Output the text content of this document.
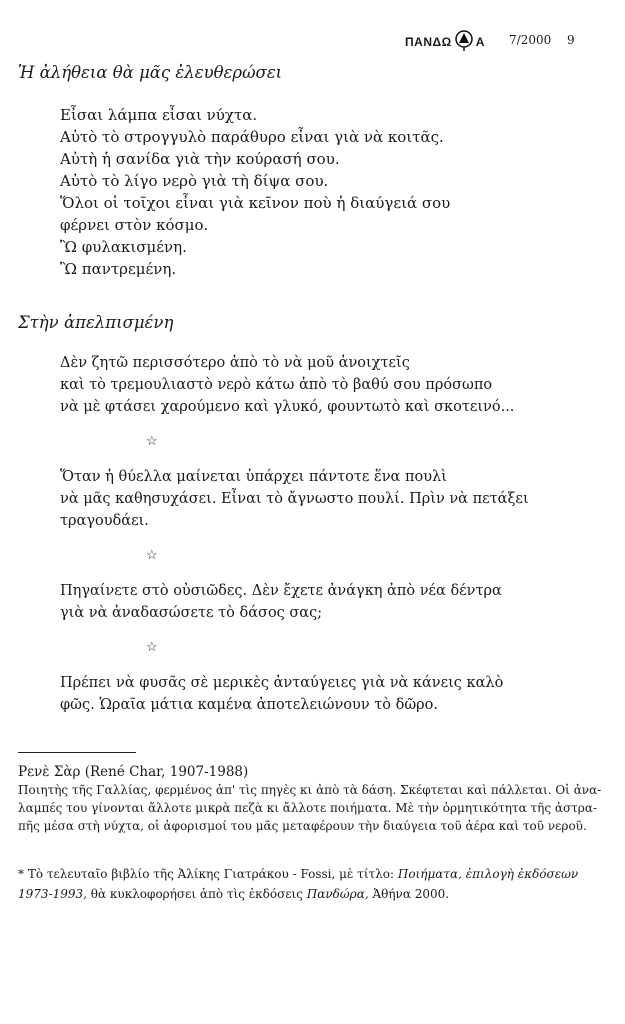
ΠΑΝΔΩ Α 7/2000 9
Ἡ ἀλήθεια θὰ μᾶς ἐλευθερώσει
Εἶσαι λάμπα εἶσαι νύχτα.
Αὐτὸ τὸ στρογγυλὸ παράθυρο εἶναι γιὰ νὰ κοιτᾶς.
Αὐτὴ ἡ σανίδα γιὰ τὴν κούρασή σου.
Αὐτὸ τὸ λίγο νερὸ γιὰ τὴ δίψα σου.
Ὅλοι οἱ τοῖχοι εἶναι γιὰ κεῖνον ποὺ ἡ διαύγειά σου
φέρνει στὸν κόσμο.
Ὢ φυλακισμένη.
Ὢ παντρεμένη.
Στὴν ἀπελπισμένη
Δὲν ζητῶ περισσότερο ἀπὸ τὸ νὰ μοῦ ἀνοιχτεῖς
καὶ τὸ τρεμουλιαστὸ νερὸ κάτω ἀπὸ τὸ βαθύ σου πρόσωπο
νὰ μὲ φτάσει χαρούμενο καὶ γλυκό, φουντωτὸ καὶ σκοτεινό...
☆
Ὅταν ἡ θύελλα μαίνεται ὑπάρχει πάντοτε ἕνα πουλὶ
νὰ μᾶς καθησυχάσει. Εἶναι τὸ ἄγνωστο πουλί. Πρὶν νὰ πετάξει
τραγουδάει.
☆
Πηγαίνετε στὸ οὐσιῶδες. Δὲν ἔχετε ἀνάγκη ἀπὸ νέα δέντρα
γιὰ νὰ ἀναδασώσετε τὸ δάσος σας;
☆
Πρέπει νὰ φυσᾶς σὲ μερικὲς ἀνταύγειες γιὰ νὰ κάνεις καλὸ
φῶς. Ὡραῖα μάτια καμένα ἀποτελειώνουν τὸ δῶρο.
Ρενὲ Σὰρ (René Char, 1907-1988)
Ποιητὴς τῆς Γαλλίας, φερμένος ἀπ' τὶς πηγὲς κι ἀπὸ τὰ δάση. Σκέφτεται καὶ πάλλεται. Οἱ ἀνα-
λαμπές του γίνονται ἄλλοτε μικρὰ πεζὰ κι ἄλλοτε ποιήματα. Μὲ τὴν ὁρμητικότητα τῆς ἀστρα-
πῆς μέσα στὴ νύχτα, οἱ ἀφορισμοί του μᾶς μεταφέρουν τὴν διαύγεια τοῦ ἀέρα καὶ τοῦ νεροῦ.
* Τὸ τελευταῖο βιβλίο τῆς Ἀλίκης Γιατράκου - Fossi, μὲ τίτλο: Ποιήματα, ἐπιλογὴ ἐκδόσεων
1973-1993, θὰ κυκλοφορήσει ἀπὸ τὶς ἐκδόσεις Πανδώρα, Ἀθήνα 2000.
